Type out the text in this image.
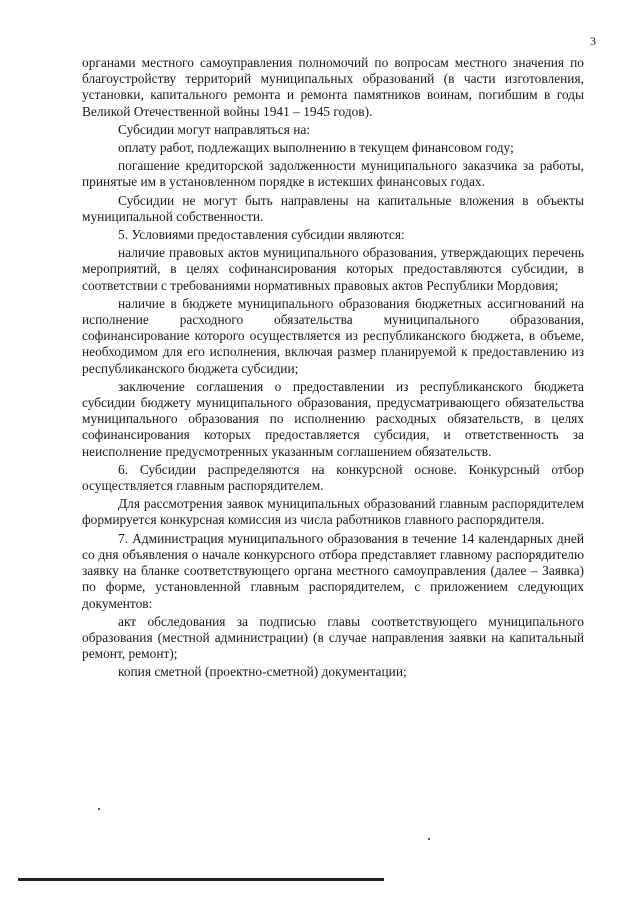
3

органами местного самоуправления полномочий по вопросам местного значения по благоустройству территорий муниципальных образований (в части изготовления, установки, капитального ремонта и ремонта памятников воинам, погибшим в годы Великой Отечественной войны 1941 – 1945 годов).

Субсидии могут направляться на:

оплату работ, подлежащих выполнению в текущем финансовом году;

погашение кредиторской задолженности муниципального заказчика за работы, принятые им в установленном порядке в истекших финансовых годах.

Субсидии не могут быть направлены на капитальные вложения в объекты муниципальной собственности.

5. Условиями предоставления субсидии являются:

наличие правовых актов муниципального образования, утверждающих перечень мероприятий, в целях софинансирования которых предоставляются субсидии, в соответствии с требованиями нормативных правовых актов Республики Мордовия;

наличие в бюджете муниципального образования бюджетных ассигнований на исполнение расходного обязательства муниципального образования, софинансирование которого осуществляется из республиканского бюджета, в объеме, необходимом для его исполнения, включая размер планируемой к предоставлению из республиканского бюджета субсидии;

заключение соглашения о предоставлении из республиканского бюджета субсидии бюджету муниципального образования, предусматривающего обязательства муниципального образования по исполнению расходных обязательств, в целях софинансирования которых предоставляется субсидия, и ответственность за неисполнение предусмотренных указанным соглашением обязательств.

6. Субсидии распределяются на конкурсной основе. Конкурсный отбор осуществляется главным распорядителем.

Для рассмотрения заявок муниципальных образований главным распорядителем формируется конкурсная комиссия из числа работников главного распорядителя.

7. Администрация муниципального образования в течение 14 календарных дней со дня объявления о начале конкурсного отбора представляет главному распорядителю заявку на бланке соответствующего органа местного самоуправления (далее – Заявка) по форме, установленной главным распорядителем, с приложением следующих документов:

акт обследования за подписью главы соответствующего муниципального образования (местной администрации) (в случае направления заявки на капитальный ремонт, ремонт);

копия сметной (проектно-сметной) документации;
